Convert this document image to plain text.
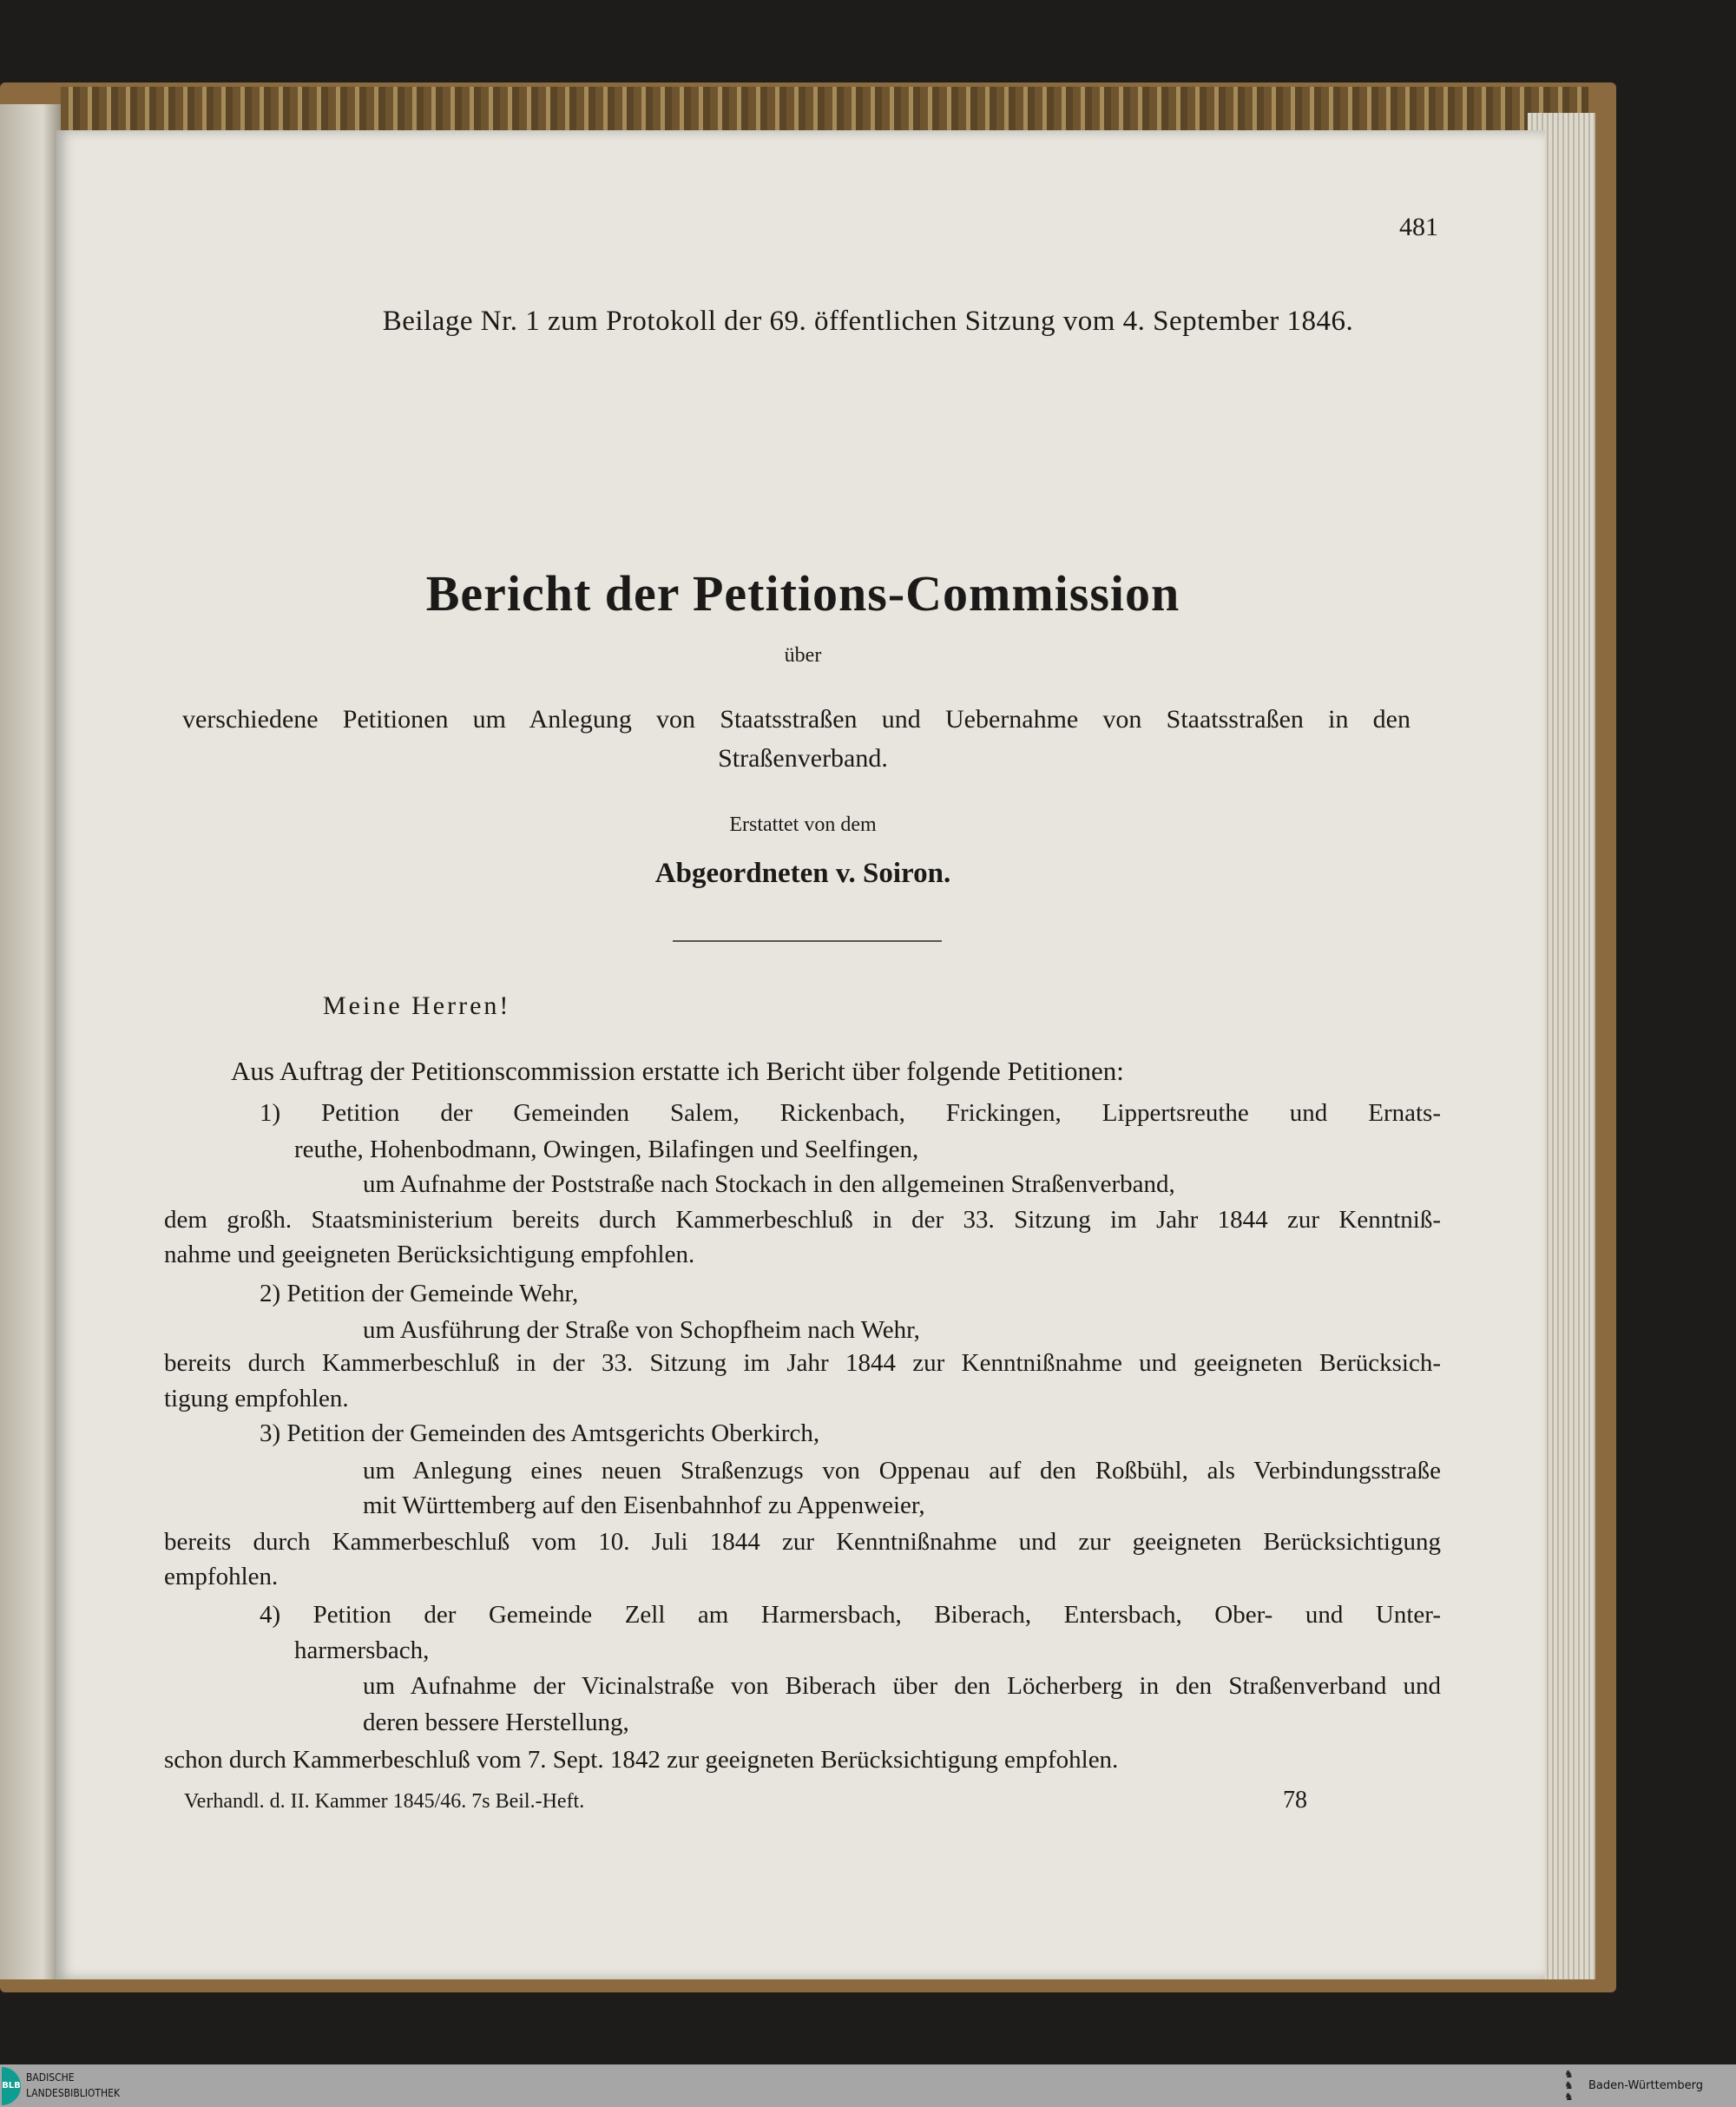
481
Beilage Nr. 1 zum Protokoll der 69. öffentlichen Sitzung vom 4. September 1846.
Bericht der Petitions-Commission
über
verschiedene Petitionen um Anlegung von Staatsstraßen und Uebernahme von Staatsstraßen in den
Straßenverband.
Erstattet von dem
Abgeordneten v. Soiron.
Meine Herren!
Aus Auftrag der Petitionscommission erstatte ich Bericht über folgende Petitionen:
1) Petition der Gemeinden Salem, Rickenbach, Frickingen, Lippertsreuthe und Ernats-
reuthe, Hohenbodmann, Owingen, Bilafingen und Seelfingen,
um Aufnahme der Poststraße nach Stockach in den allgemeinen Straßenverband,
dem großh. Staatsministerium bereits durch Kammerbeschluß in der 33. Sitzung im Jahr 1844 zur Kenntniß-
nahme und geeigneten Berücksichtigung empfohlen.
2) Petition der Gemeinde Wehr,
um Ausführung der Straße von Schopfheim nach Wehr,
bereits durch Kammerbeschluß in der 33. Sitzung im Jahr 1844 zur Kenntnißnahme und geeigneten Berücksich-
tigung empfohlen.
3) Petition der Gemeinden des Amtsgerichts Oberkirch,
um Anlegung eines neuen Straßenzugs von Oppenau auf den Roßbühl, als Verbindungsstraße
mit Württemberg auf den Eisenbahnhof zu Appenweier,
bereits durch Kammerbeschluß vom 10. Juli 1844 zur Kenntnißnahme und zur geeigneten Berücksichtigung
empfohlen.
4) Petition der Gemeinde Zell am Harmersbach, Biberach, Entersbach, Ober- und Unter-
harmersbach,
um Aufnahme der Vicinalstraße von Biberach über den Löcherberg in den Straßenverband und
deren bessere Herstellung,
schon durch Kammerbeschluß vom 7. Sept. 1842 zur geeigneten Berücksichtigung empfohlen.
Verhandl. d. II. Kammer 1845/46. 7s Beil.-Heft.	78
BLB
BADISCHE
LANDESBIBLIOTHEK
♞
♞
♞
Baden-Württemberg
